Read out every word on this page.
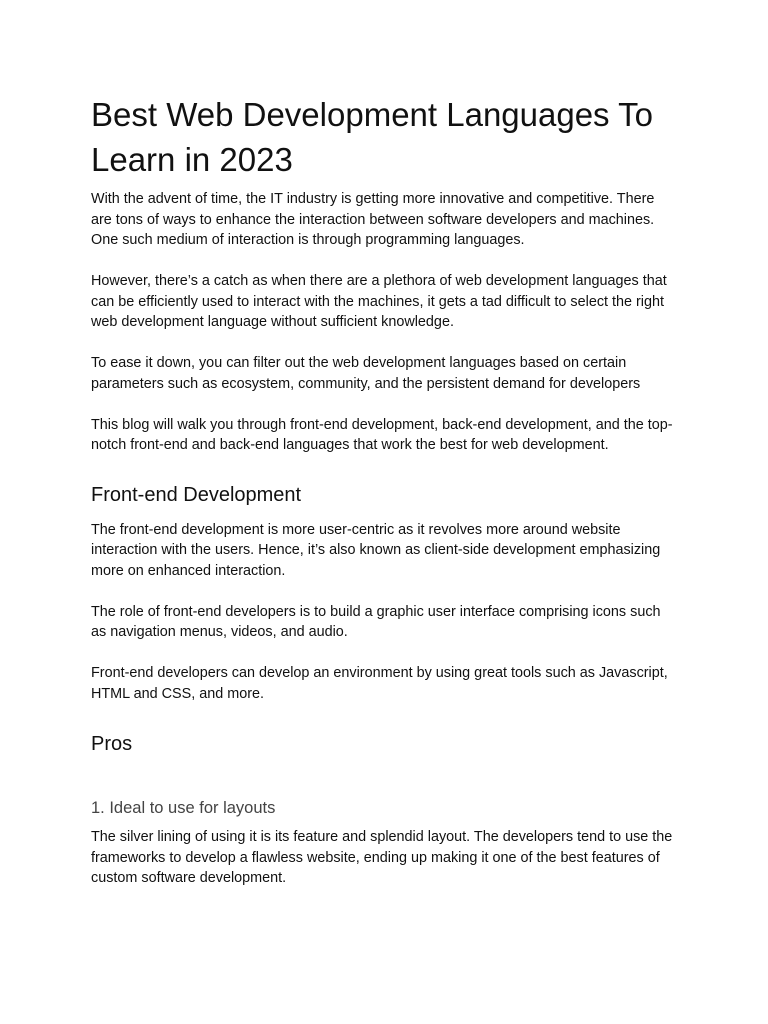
Best Web Development Languages To Learn in 2023

With the advent of time, the IT industry is getting more innovative and competitive. There are tons of ways to enhance the interaction between software developers and machines. One such medium of interaction is through programming languages.

However, there’s a catch as when there are a plethora of web development languages that can be efficiently used to interact with the machines, it gets a tad difficult to select the right web development language without sufficient knowledge.

To ease it down, you can filter out the web development languages based on certain parameters such as ecosystem, community, and the persistent demand for developers

This blog will walk you through front-end development, back-end development, and the top-notch front-end and back-end languages that work the best for web development.

Front-end Development

The front-end development is more user-centric as it revolves more around website interaction with the users. Hence, it’s also known as client-side development emphasizing more on enhanced interaction.

The role of front-end developers is to build a graphic user interface comprising icons such as navigation menus, videos, and audio.

Front-end developers can develop an environment by using great tools such as Javascript, HTML and CSS, and more.

Pros
1. Ideal to use for layouts

The silver lining of using it is its feature and splendid layout. The developers tend to use the frameworks to develop a flawless website, ending up making it one of the best features of custom software development.
